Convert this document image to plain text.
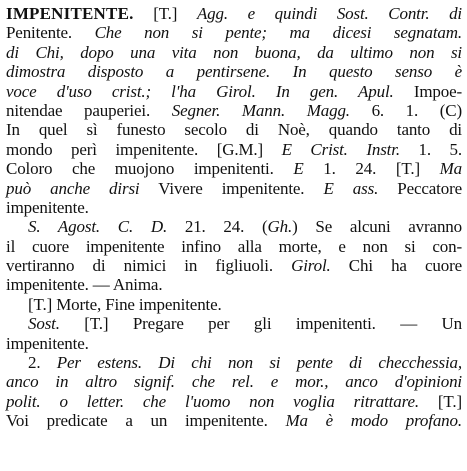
IMPENITENTE. [T.] Agg. e quindi Sost. Contr. di
Penitente. Che non si pente; ma dicesi segnatam.
di Chi, dopo una vita non buona, da ultimo non si
dimostra disposto a pentirsene. In questo senso è
voce d'uso crist.; l'ha Girol. In gen. Apul. Impoe-
nitendae pauperiei. Segner. Mann. Magg. 6. 1. (C)
In quel sì funesto secolo di Noè, quando tanto di
mondo perì impenitente. [G.M.] E Crist. Instr. 1. 5.
Coloro che muojono impenitenti. E 1. 24. [T.] Ma
può anche dirsi Vivere impenitente. E ass. Peccatore
impenitente.
S. Agost. C. D. 21. 24. (Gh.) Se alcuni avranno
il cuore impenitente infino alla morte, e non si con-
vertiranno di nimici in figliuoli. Girol. Chi ha cuore
impenitente. — Anima.
[T.] Morte, Fine impenitente.
Sost. [T.] Pregare per gli impenitenti. — Un
impenitente.
2. Per estens. Di chi non si pente di checchessia,
anco in altro signif. che rel. e mor., anco d'opinioni
polit. o letter. che l'uomo non voglia ritrattare. [T.]
Voi predicate a un impenitente. Ma è modo profano.
